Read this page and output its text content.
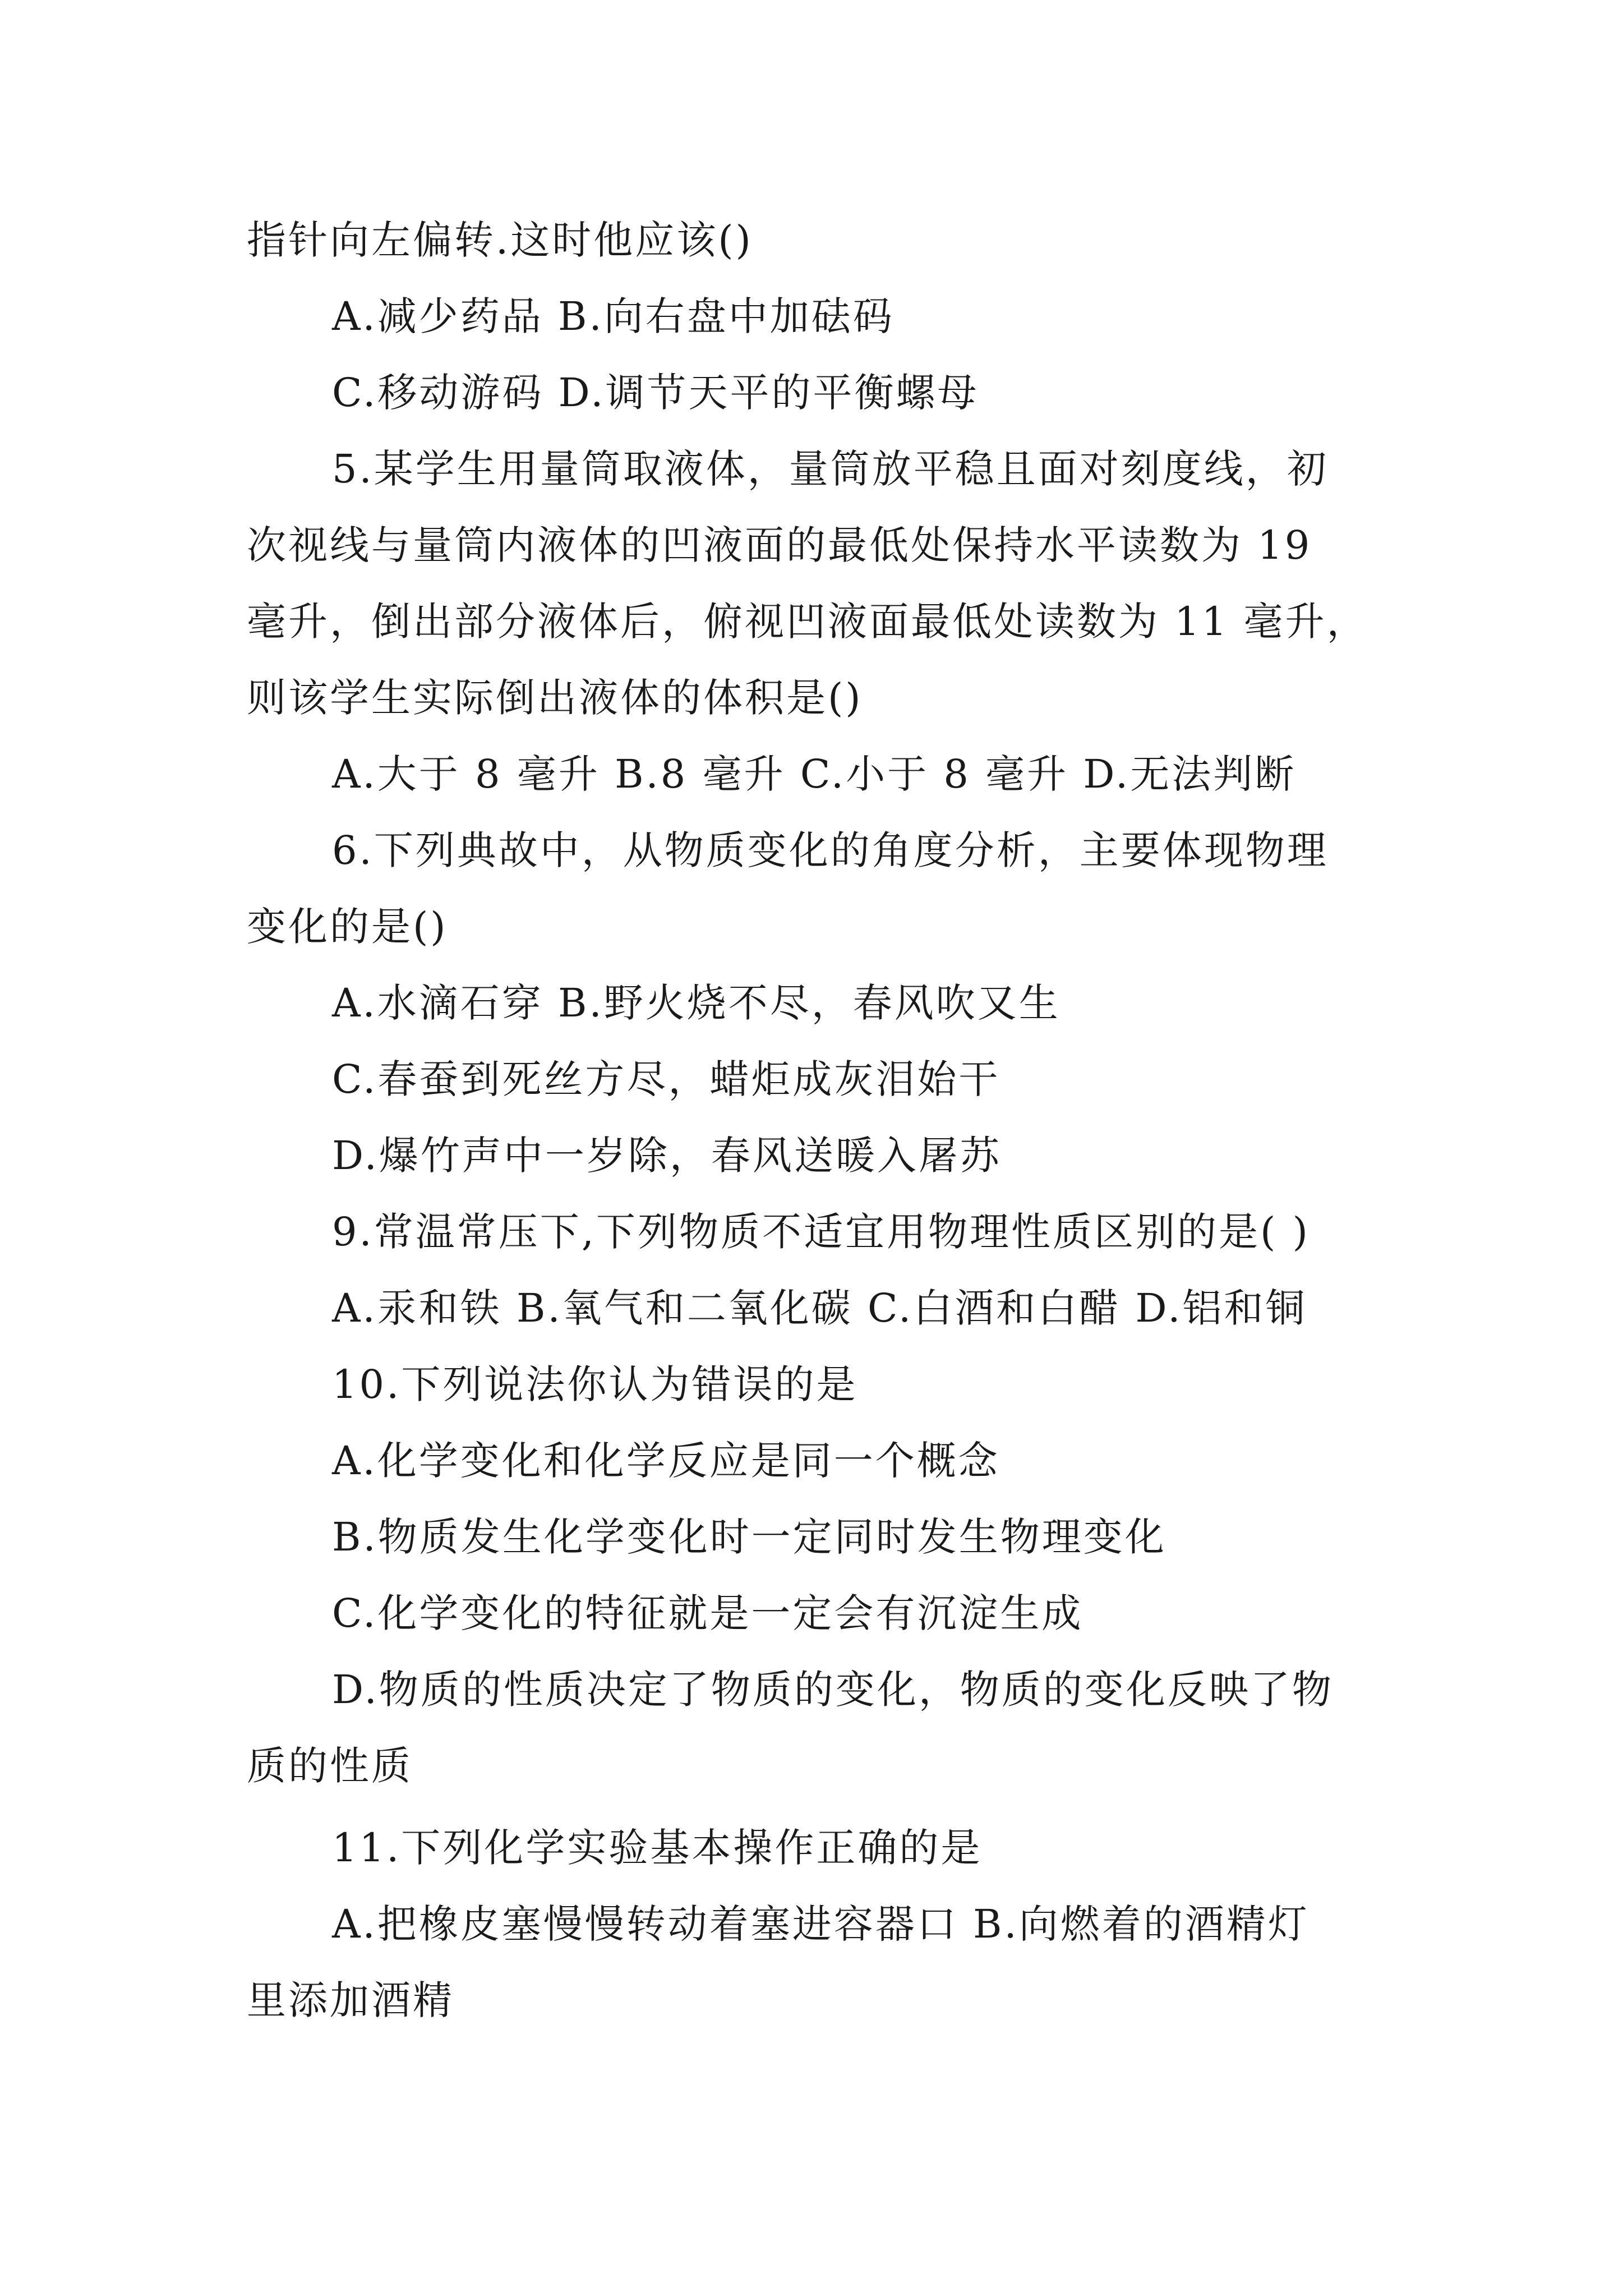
指针向左偏转.这时他应该()
A.减少药品 B.向右盘中加砝码
C.移动游码 D.调节天平的平衡螺母
5.某学生用量筒取液体，量筒放平稳且面对刻度线，初
次视线与量筒内液体的凹液面的最低处保持水平读数为 19
毫升，倒出部分液体后，俯视凹液面最低处读数为 11 毫升，
则该学生实际倒出液体的体积是()
A.大于 8 毫升 B.8 毫升 C.小于 8 毫升 D.无法判断
6.下列典故中，从物质变化的角度分析，主要体现物理
变化的是()
A.水滴石穿 B.野火烧不尽，春风吹又生
C.春蚕到死丝方尽，蜡炬成灰泪始干
D.爆竹声中一岁除，春风送暖入屠苏
9.常温常压下,下列物质不适宜用物理性质区别的是( )
A.汞和铁 B.氧气和二氧化碳 C.白酒和白醋 D.铝和铜
10.下列说法你认为错误的是
A.化学变化和化学反应是同一个概念
B.物质发生化学变化时一定同时发生物理变化
C.化学变化的特征就是一定会有沉淀生成
D.物质的性质决定了物质的变化，物质的变化反映了物
质的性质
11.下列化学实验基本操作正确的是
A.把橡皮塞慢慢转动着塞进容器口 B.向燃着的酒精灯
里添加酒精
